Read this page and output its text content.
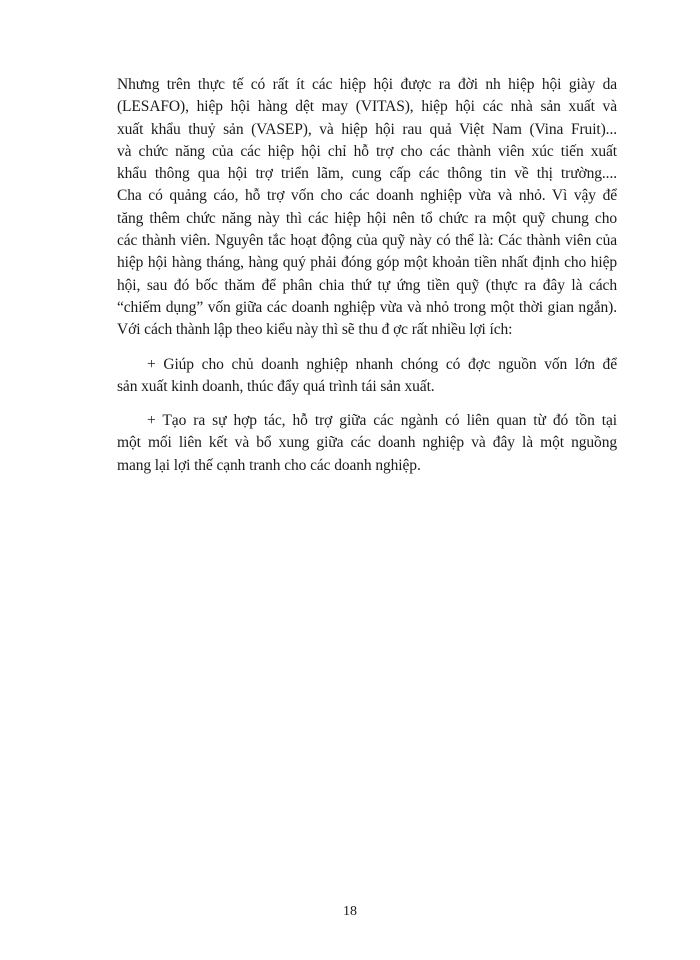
Nhưng trên thực tế có rất ít các hiệp hội được ra đời nh hiệp hội giày da
(LESAFO), hiệp hội hàng dệt may (VITAS), hiệp hội các nhà sản xuất và
xuất khẩu thuỷ sản (VASEP), và hiệp hội rau quả Việt Nam (Vina Fruit)...
và chức năng của các hiệp hội chỉ hỗ trợ cho các thành viên xúc tiến xuất
khẩu thông qua hội trợ triển lãm, cung cấp các thông tin về thị trường....
Cha có quảng cáo, hỗ trợ vốn cho các doanh nghiệp vừa và nhỏ. Vì vậy để
tăng thêm chức năng này thì các hiệp hội nên tổ chức ra một quỹ chung cho
các thành viên. Nguyên tắc hoạt động của quỹ này có thể là: Các thành viên của
hiệp hội hàng tháng, hàng quý phải đóng góp một khoản tiền nhất định cho hiệp
hội, sau đó bốc thăm để phân chia thứ tự ứng tiền quỹ (thực ra đây là cách
“chiếm dụng” vốn giữa các doanh nghiệp vừa và nhỏ trong một thời gian ngắn).
Với cách thành lập theo kiểu này thì sẽ thu đ ợc rất nhiều lợi ích:
+ Giúp cho chủ doanh nghiệp nhanh chóng có đợc nguồn vốn lớn để
sản xuất kinh doanh, thúc đẩy quá trình tái sản xuất.
+ Tạo ra sự hợp tác, hỗ trợ giữa các ngành có liên quan từ đó tồn tại
một mối liên kết và bổ xung giữa các doanh nghiệp và đây là một nguồng
mang lại lợi thế cạnh tranh cho các doanh nghiệp.
18
